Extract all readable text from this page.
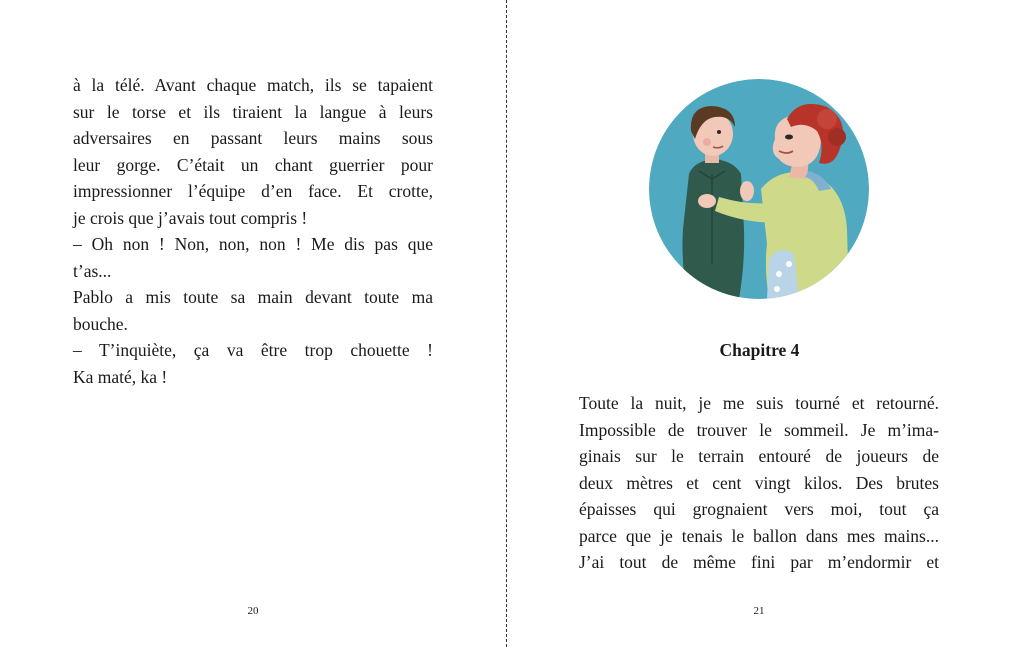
à la télé. Avant chaque match, ils se tapaient
sur le torse et ils tiraient la langue à leurs
adversaires en passant leurs mains sous
leur gorge. C’était un chant guerrier pour
impressionner l’équipe d’en face. Et crotte,
je crois que j’avais tout compris !
– Oh non ! Non, non, non ! Me dis pas que
t’as...
Pablo a mis toute sa main devant toute ma
bouche.
– T’inquiète, ça va être trop chouette !
Ka maté, ka !
20
Chapitre 4
Toute la nuit, je me suis tourné et retourné.
Impossible de trouver le sommeil. Je m’ima-
ginais sur le terrain entouré de joueurs de
deux mètres et cent vingt kilos. Des brutes
épaisses qui grognaient vers moi, tout ça
parce que je tenais le ballon dans mes mains...
J’ai tout de même fini par m’endormir et
21
